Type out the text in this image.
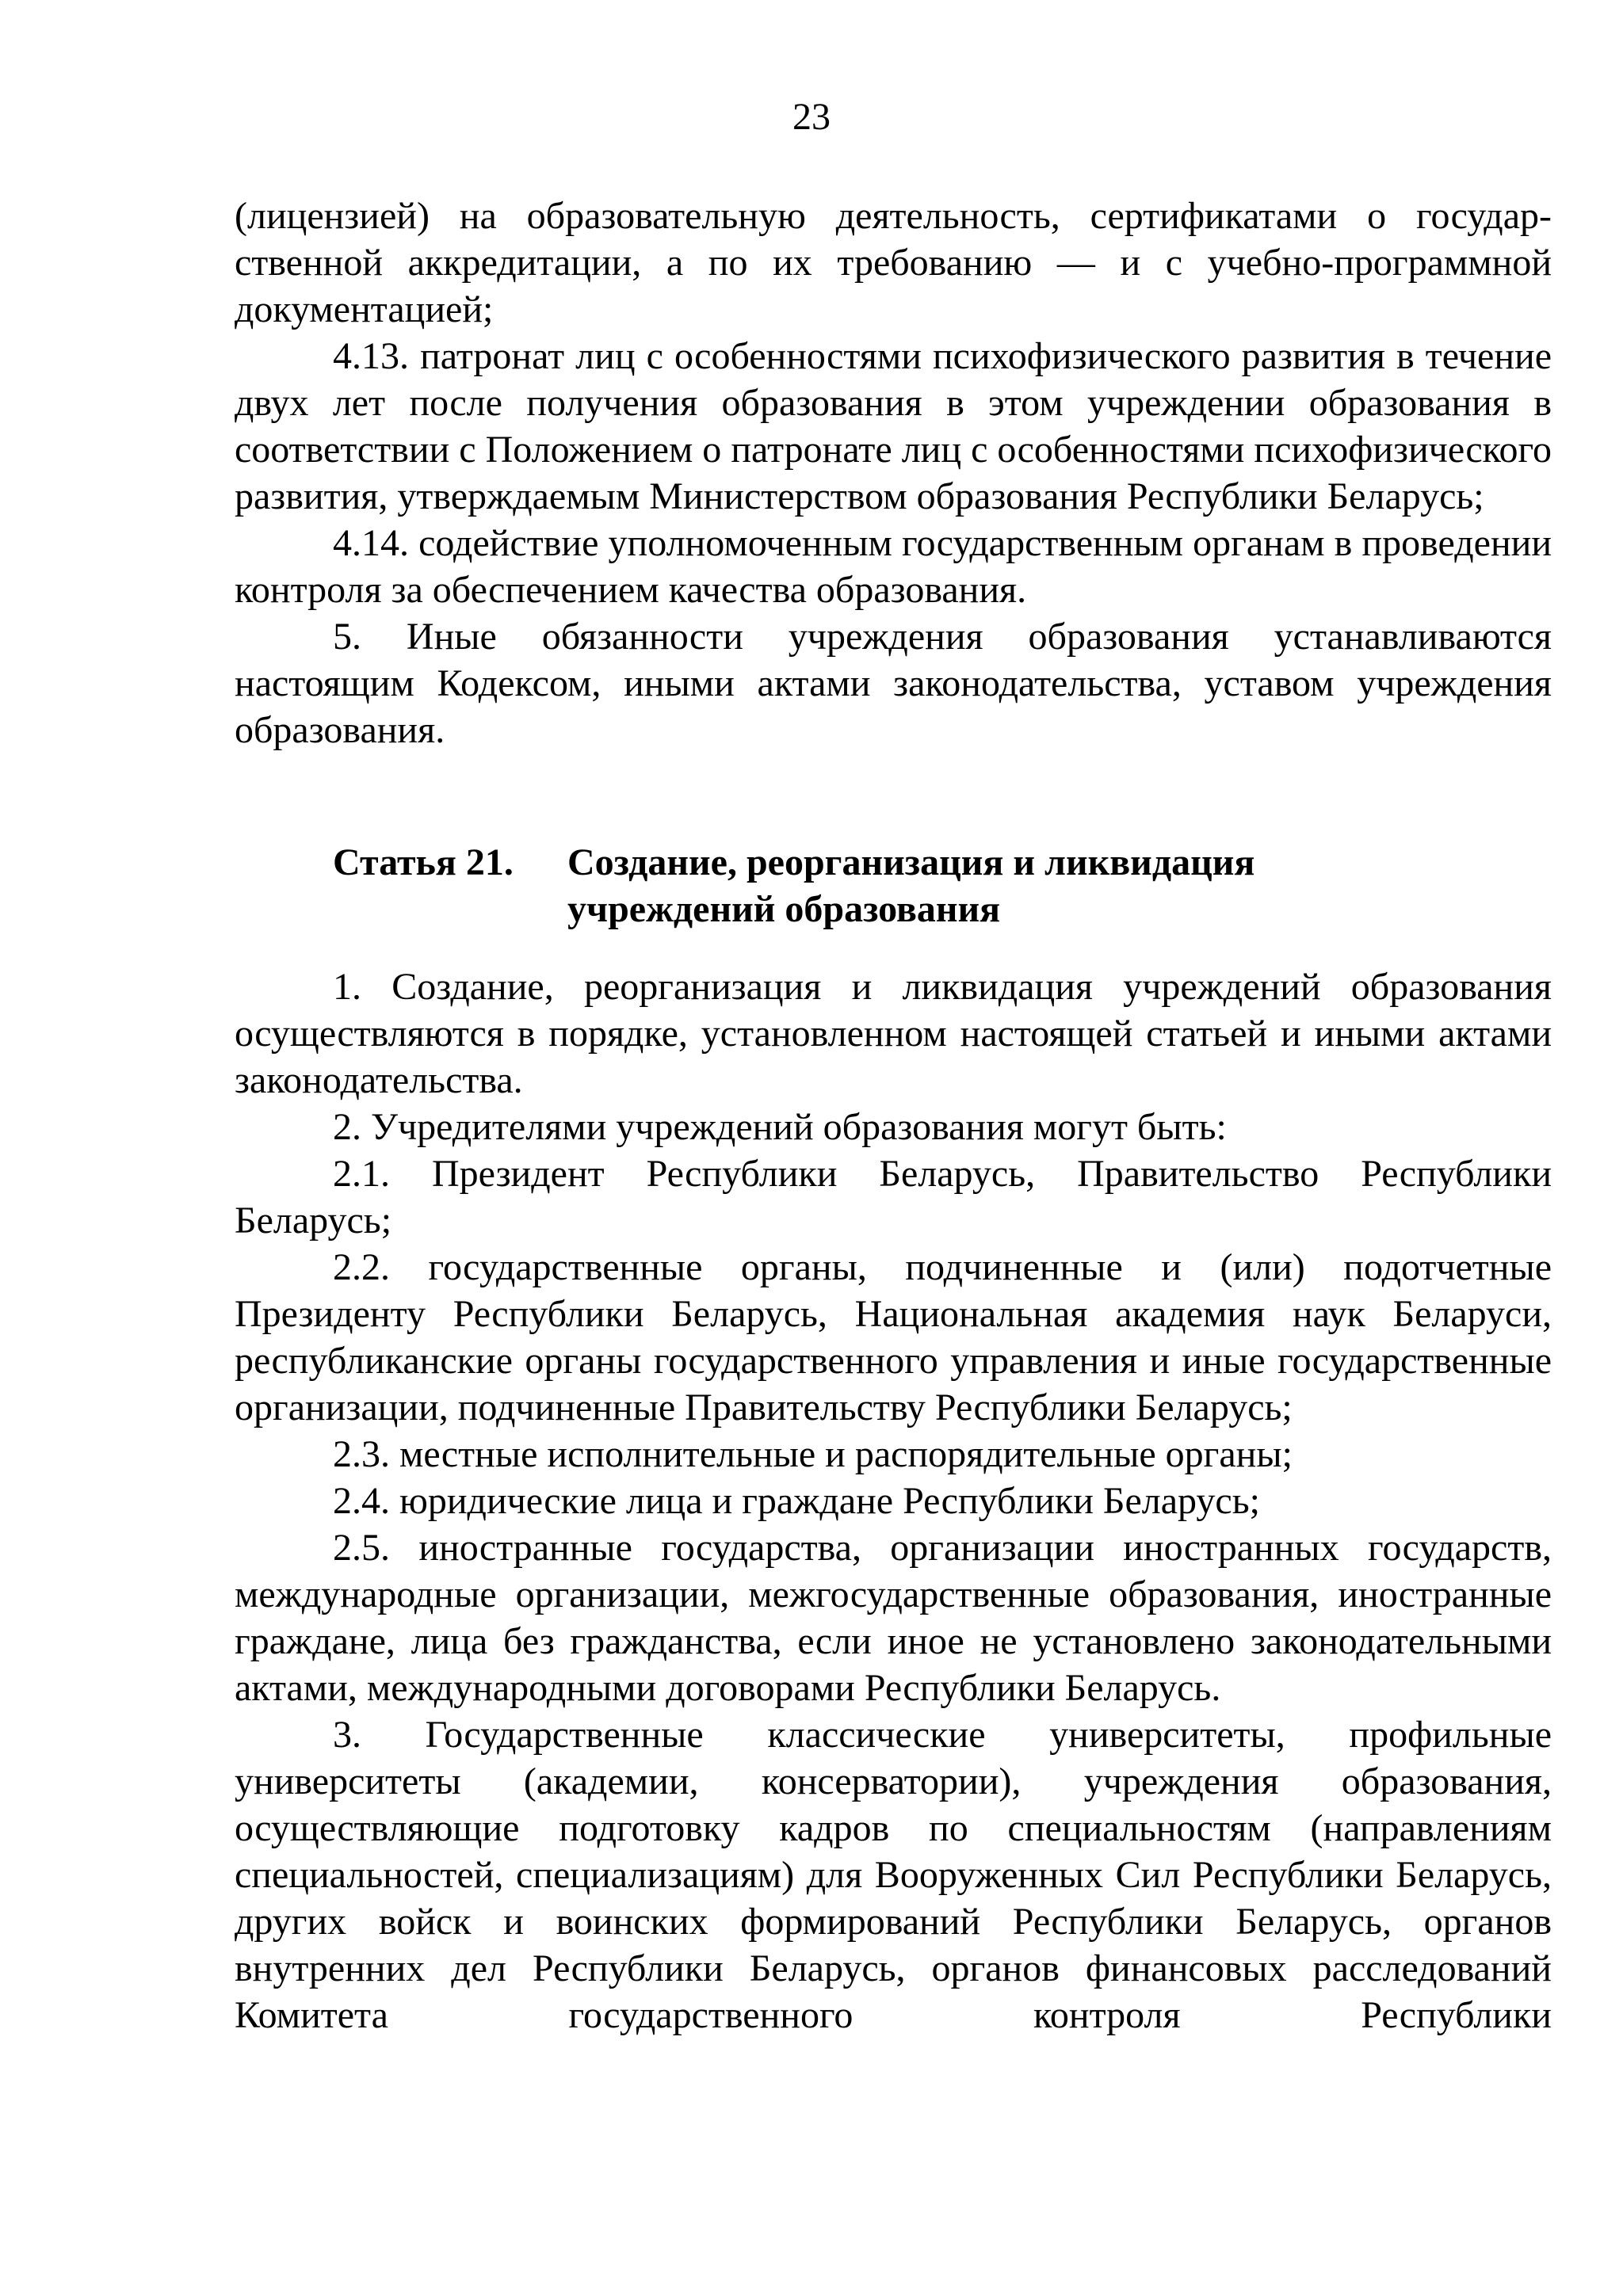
23

(лицензией) на образовательную деятельность, сертификатами о государственной аккредитации, а по их требованию — и с учебно-программной документацией;

4.13. патронат лиц с особенностями психофизического развития в течение двух лет после получения образования в этом учреждении образования в соответствии с Положением о патронате лиц с особенностями психофизического развития, утверждаемым Министерством образования Республики Беларусь;

4.14. содействие уполномоченным государственным органам в проведении контроля за обеспечением качества образования.

5. Иные обязанности учреждения образования устанавливаются настоящим Кодексом, иными актами законодательства, уставом учреждения образования.

Статья 21.	Создание, реорганизация и ликвидация
учреждений образования

1. Создание, реорганизация и ликвидация учреждений образования осуществляются в порядке, установленном настоящей статьей и иными актами законодательства.

2. Учредителями учреждений образования могут быть:

2.1. Президент Республики Беларусь, Правительство Республики Беларусь;

2.2. государственные органы, подчиненные и (или) подотчетные Президенту Республики Беларусь, Национальная академия наук Беларуси, республиканские органы государственного управления и иные государственные организации, подчиненные Правительству Республики Беларусь;

2.3. местные исполнительные и распорядительные органы;

2.4. юридические лица и граждане Республики Беларусь;

2.5. иностранные государства, организации иностранных государств, международные организации, межгосударственные образования, иностранные граждане, лица без гражданства, если иное не установлено законодательными актами, международными договорами Республики Беларусь.

3. Государственные классические университеты, профильные университеты (академии, консерватории), учреждения образования, осуществляющие подготовку кадров по специальностям (направлениям специальностей, специализациям) для Вооруженных Сил Республики Беларусь, других войск и воинских формирований Республики Беларусь, органов внутренних дел Республики Беларусь, органов финансовых расследований Комитета государственного контроля Республики
